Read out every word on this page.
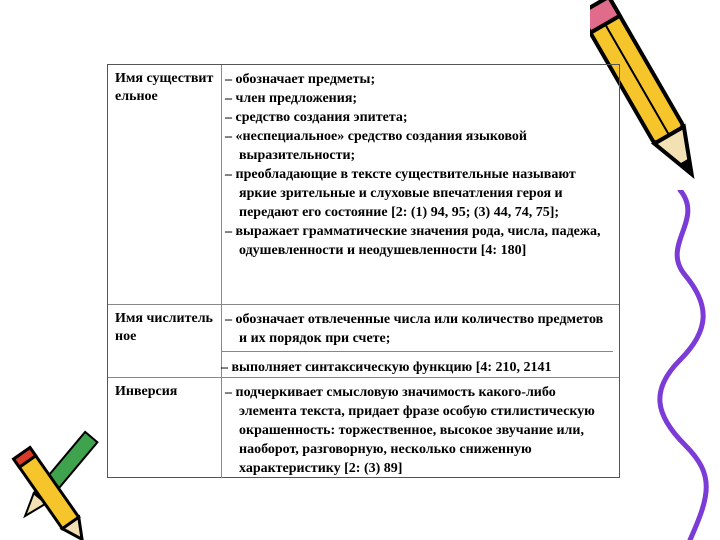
Имя существительное

– обозначает предметы;

– член предложения;

– средство создания эпитета;

– «неспециальное» средство создания языковой выразительности;

– преобладающие в тексте существительные называют яркие зрительные и слуховые впечатления героя и передают его состояние [2: (1) 94, 95; (3) 44, 74, 75];

– выражает грамматические значения рода, числа, падежа, одушевленности и неодушевленности [4: 180]

Имя числительное

– обозначает отвлеченные числа или количество предметов и их порядок при счете;

– выполняет синтаксическую функцию [4: 210, 2141

Инверсия	– подчеркивает смысловую значимость какого-либо элемента текста, придает фразе особую стилистическую окрашенность: торжественное, высокое звучание или, наоборот, разговорную, несколько сниженную характеристику [2: (3) 89]
